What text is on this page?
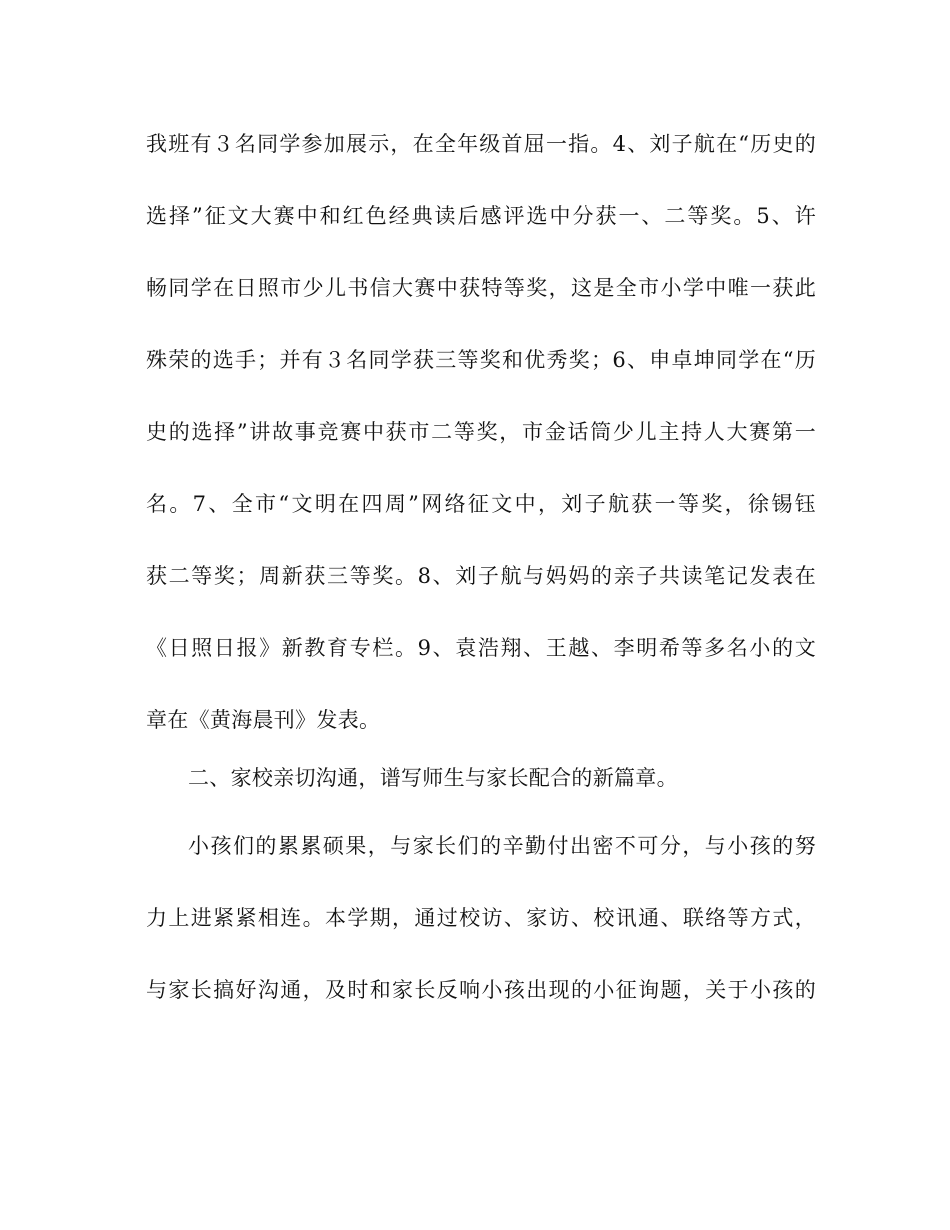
我班有３名同学参加展示，在全年级首屈一指。4、刘子航在“历史的
选择”征文大赛中和红色经典读后感评选中分获一、二等奖。5、许
畅同学在日照市少儿书信大赛中获特等奖，这是全市小学中唯一获此
殊荣的选手；并有３名同学获三等奖和优秀奖；6、申卓坤同学在“历
史的选择”讲故事竞赛中获市二等奖，市金话筒少儿主持人大赛第一
名。7、全市“文明在四周”网络征文中，刘子航获一等奖，徐锡钰
获二等奖；周新获三等奖。8、刘子航与妈妈的亲子共读笔记发表在
《日照日报》新教育专栏。9、袁浩翔、王越、李明希等多名小的文
章在《黄海晨刊》发表。
二、家校亲切沟通，谱写师生与家长配合的新篇章。
小孩们的累累硕果，与家长们的辛勤付出密不可分，与小孩的努
力上进紧紧相连。本学期，通过校访、家访、校讯通、联络等方式，
与家长搞好沟通，及时和家长反响小孩出现的小征询题，关于小孩的
